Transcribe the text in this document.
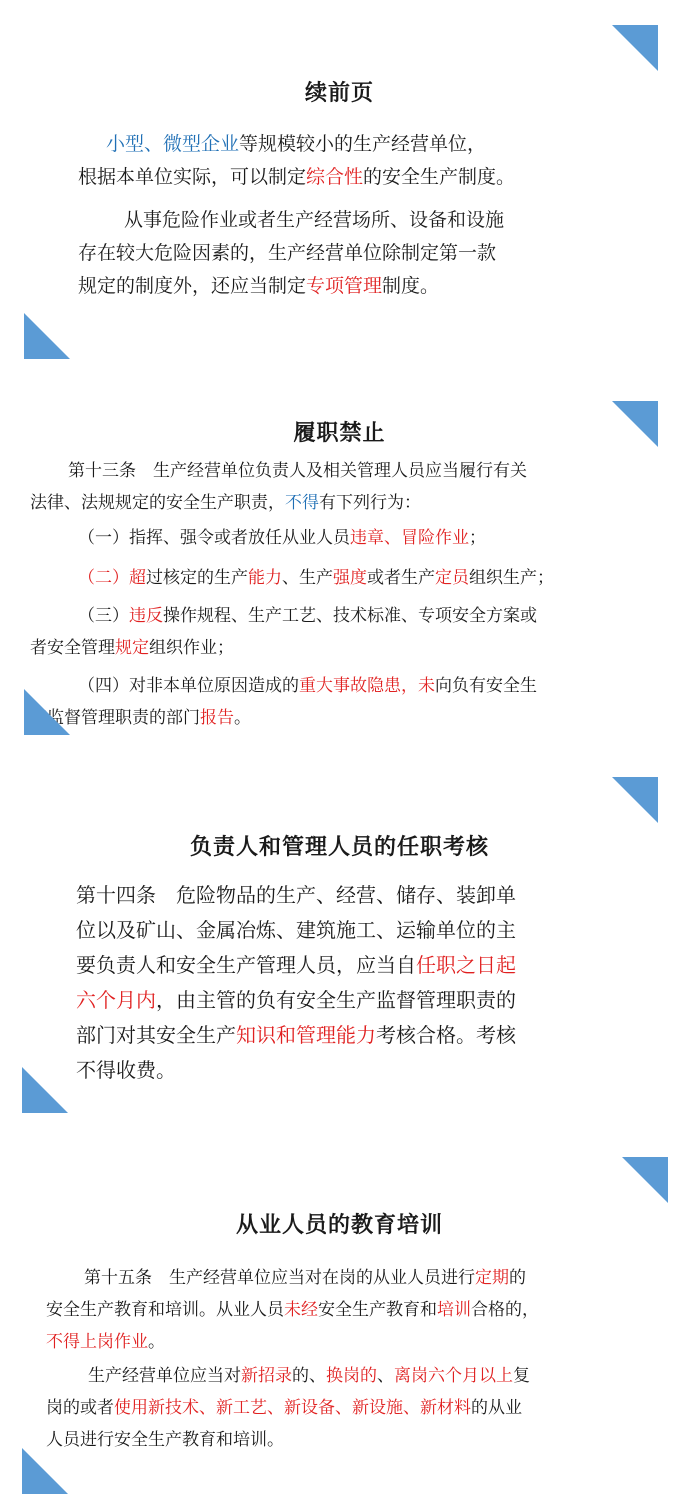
续前页
小型、微型企业等规模较小的生产经营单位，
根据本单位实际，可以制定综合性的安全生产制度。
从事危险作业或者生产经营场所、设备和设施
存在较大危险因素的，生产经营单位除制定第一款
规定的制度外，还应当制定专项管理制度。
履职禁止
第十三条　生产经营单位负责人及相关管理人员应当履行有关
法律、法规规定的安全生产职责，不得有下列行为：
（一）指挥、强令或者放任从业人员违章、冒险作业；
（二）超过核定的生产能力、生产强度或者生产定员组织生产；
（三）违反操作规程、生产工艺、技术标准、专项安全方案或
者安全管理规定组织作业；
（四）对非本单位原因造成的重大事故隐患，未向负有安全生
产监督管理职责的部门报告。
负责人和管理人员的任职考核
第十四条　危险物品的生产、经营、储存、装卸单
位以及矿山、金属冶炼、建筑施工、运输单位的主
要负责人和安全生产管理人员，应当自任职之日起
六个月内，由主管的负有安全生产监督管理职责的
部门对其安全生产知识和管理能力考核合格。考核
不得收费。
从业人员的教育培训
第十五条　生产经营单位应当对在岗的从业人员进行定期的
安全生产教育和培训。从业人员未经安全生产教育和培训合格的，
不得上岗作业。
生产经营单位应当对新招录的、换岗的、离岗六个月以上复
岗的或者使用新技术、新工艺、新设备、新设施、新材料的从业
人员进行安全生产教育和培训。
